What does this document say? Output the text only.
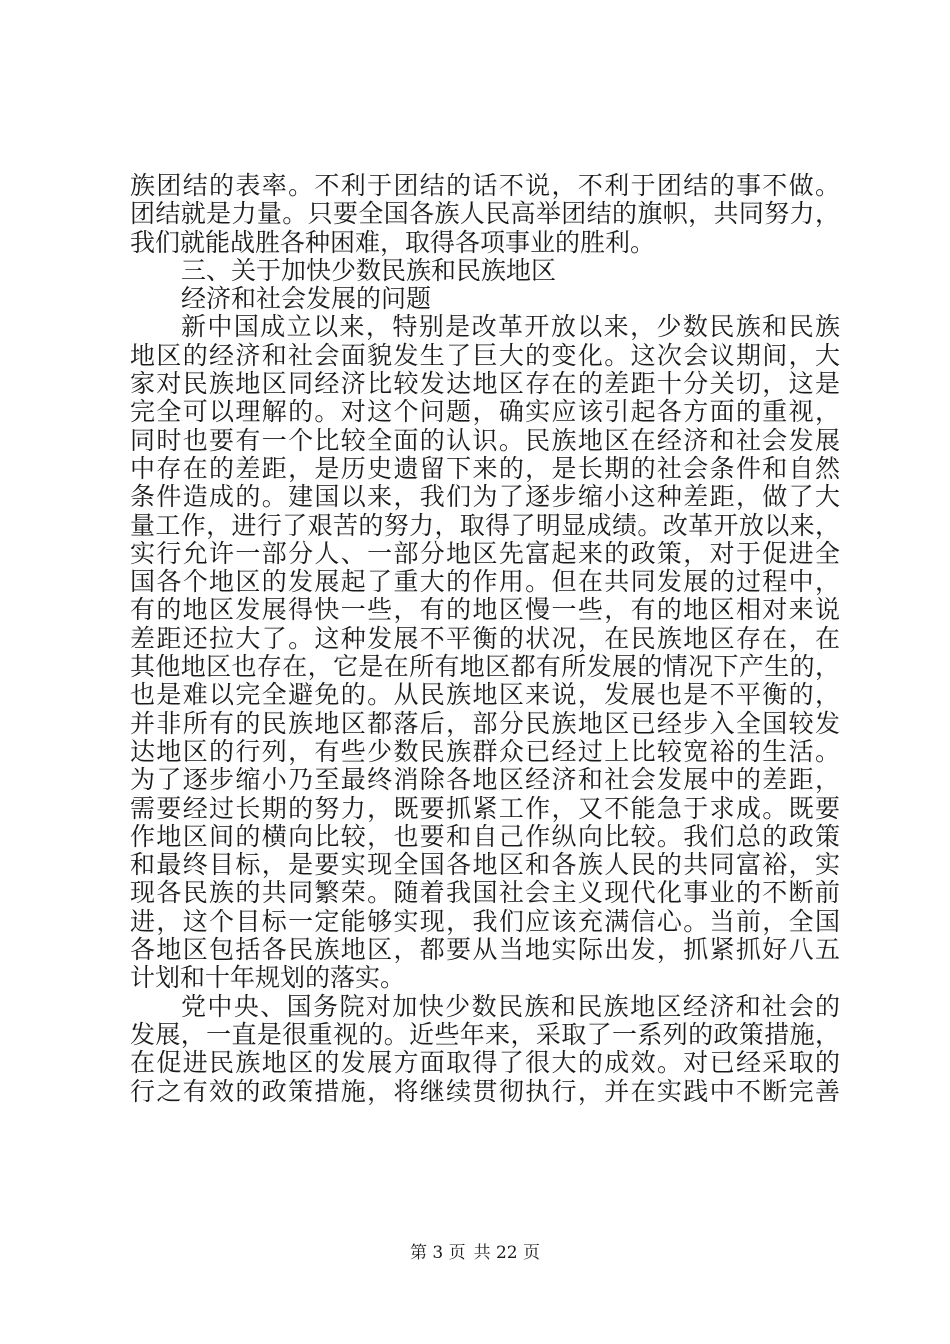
族团结的表率。不利于团结的话不说，不利于团结的事不做。
团结就是力量。只要全国各族人民高举团结的旗帜，共同努力，
我们就能战胜各种困难，取得各项事业的胜利。
三、关于加快少数民族和民族地区
经济和社会发展的问题
新中国成立以来，特别是改革开放以来，少数民族和民族
地区的经济和社会面貌发生了巨大的变化。这次会议期间，大
家对民族地区同经济比较发达地区存在的差距十分关切，这是
完全可以理解的。对这个问题，确实应该引起各方面的重视，
同时也要有一个比较全面的认识。民族地区在经济和社会发展
中存在的差距，是历史遗留下来的，是长期的社会条件和自然
条件造成的。建国以来，我们为了逐步缩小这种差距，做了大
量工作，进行了艰苦的努力，取得了明显成绩。改革开放以来，
实行允许一部分人、一部分地区先富起来的政策，对于促进全
国各个地区的发展起了重大的作用。但在共同发展的过程中，
有的地区发展得快一些，有的地区慢一些，有的地区相对来说
差距还拉大了。这种发展不平衡的状况，在民族地区存在，在
其他地区也存在，它是在所有地区都有所发展的情况下产生的，
也是难以完全避免的。从民族地区来说，发展也是不平衡的，
并非所有的民族地区都落后，部分民族地区已经步入全国较发
达地区的行列，有些少数民族群众已经过上比较宽裕的生活。
为了逐步缩小乃至最终消除各地区经济和社会发展中的差距，
需要经过长期的努力，既要抓紧工作，又不能急于求成。既要
作地区间的横向比较，也要和自己作纵向比较。我们总的政策
和最终目标，是要实现全国各地区和各族人民的共同富裕，实
现各民族的共同繁荣。随着我国社会主义现代化事业的不断前
进，这个目标一定能够实现，我们应该充满信心。当前，全国
各地区包括各民族地区，都要从当地实际出发，抓紧抓好八五
计划和十年规划的落实。
党中央、国务院对加快少数民族和民族地区经济和社会的
发展，一直是很重视的。近些年来，采取了一系列的政策措施，
在促进民族地区的发展方面取得了很大的成效。对已经采取的
行之有效的政策措施，将继续贯彻执行，并在实践中不断完善
第 3 页 共 22 页
